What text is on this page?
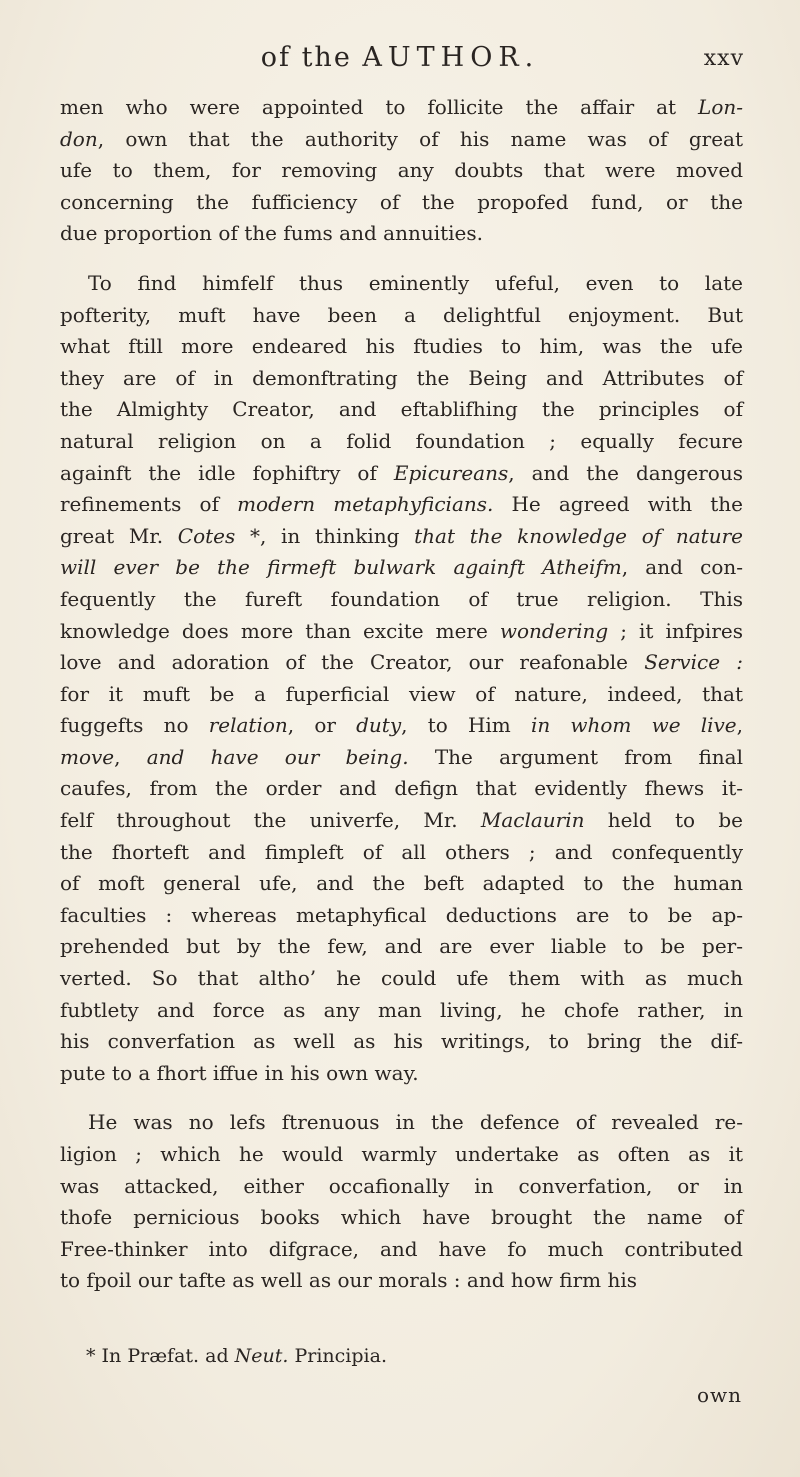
of the AUTHOR.	xxv
men who were appointed to follicite the affair at Lon-
don, own that the authority of his name was of great
ufe to them, for removing any doubts that were moved
concerning the fufficiency of the propofed fund, or the
due proportion of the fums and annuities.
To find himfelf thus eminently ufeful, even to late
pofterity, muft have been a delightful enjoyment. But
what ftill more endeared his ftudies to him, was the ufe
they are of in demonftrating the Being and Attributes of
the Almighty Creator, and eftablifhing the principles of
natural religion on a folid foundation ; equally fecure
againft the idle fophiftry of Epicureans, and the dangerous
refinements of modern metaphyficians. He agreed with the
great Mr. Cotes *, in thinking that the knowledge of nature
will ever be the firmeft bulwark againft Atheifm, and con-
fequently the fureft foundation of true religion. This
knowledge does more than excite mere wondering ; it infpires
love and adoration of the Creator, our reafonable Service :
for it muft be a fuperficial view of nature, indeed, that
fuggefts no relation, or duty, to Him in whom we live,
move, and have our being. The argument from final
caufes, from the order and defign that evidently fhews it-
felf throughout the univerfe, Mr. Maclaurin held to be
the fhorteft and fimpleft of all others ; and confequently
of moft general ufe, and the beft adapted to the human
faculties : whereas metaphyfical deductions are to be ap-
prehended but by the few, and are ever liable to be per-
verted. So that altho’ he could ufe them with as much
fubtlety and force as any man living, he chofe rather, in
his converfation as well as his writings, to bring the dif-
pute to a fhort iffue in his own way.
He was no lefs ftrenuous in the defence of revealed re-
ligion ; which he would warmly undertake as often as it
was attacked, either occafionally in converfation, or in
thofe pernicious books which have brought the name of
Free-thinker into difgrace, and have fo much contributed
to fpoil our tafte as well as our morals : and how firm his
* In Præfat. ad Neut. Principia.
own
